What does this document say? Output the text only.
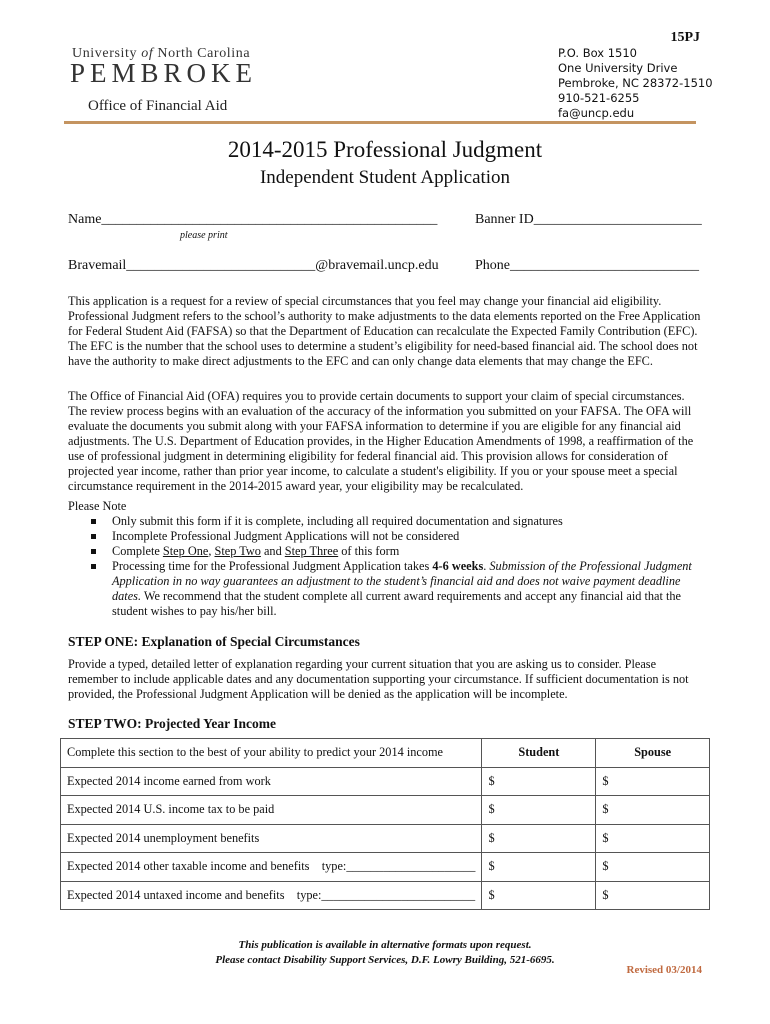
15PJ
University of North Carolina
PEMBROKE
Office of Financial Aid
P.O. Box 1510
One University Drive
Pembroke, NC 28372-1510
910-521-6255
fa@uncp.edu
2014-2015 Professional Judgment
Independent Student Application
Name________________________________________________	Banner ID________________________
please print
Bravemail___________________________@bravemail.uncp.edu	Phone___________________________
This application is a request for a review of special circumstances that you feel may change your financial aid eligibility. Professional Judgment refers to the school’s authority to make adjustments to the data elements reported on the Free Application for Federal Student Aid (FAFSA) so that the Department of Education can recalculate the Expected Family Contribution (EFC). The EFC is the number that the school uses to determine a student’s eligibility for need-based financial aid. The school does not have the authority to make direct adjustments to the EFC and can only change data elements that may change the EFC.
The Office of Financial Aid (OFA) requires you to provide certain documents to support your claim of special circumstances. The review process begins with an evaluation of the accuracy of the information you submitted on your FAFSA. The OFA will evaluate the documents you submit along with your FAFSA information to determine if you are eligible for any financial aid adjustments. The U.S. Department of Education provides, in the Higher Education Amendments of 1998, a reaffirmation of the use of professional judgment in determining eligibility for federal financial aid. This provision allows for consideration of projected year income, rather than prior year income, to calculate a student's eligibility. If you or your spouse meet a special circumstance requirement in the 2014-2015 award year, your eligibility may be recalculated.
Please Note
Only submit this form if it is complete, including all required documentation and signatures
Incomplete Professional Judgment Applications will not be considered
Complete Step One, Step Two and Step Three of this form
Processing time for the Professional Judgment Application takes 4-6 weeks. Submission of the Professional Judgment Application in no way guarantees an adjustment to the student’s financial aid and does not waive payment deadline dates. We recommend that the student complete all current award requirements and accept any financial aid that the student wishes to pay his/her bill.
STEP ONE: Explanation of Special Circumstances
Provide a typed, detailed letter of explanation regarding your current situation that you are asking us to consider. Please remember to include applicable dates and any documentation supporting your circumstance. If sufficient documentation is not provided, the Professional Judgment Application will be denied as the application will be incomplete.
STEP TWO: Projected Year Income
Complete this section to the best of your ability to predict your 2014 income	Student	Spouse
Expected 2014 income earned from work	$	$
Expected 2014 U.S. income tax to be paid	$	$
Expected 2014 unemployment benefits	$	$
Expected 2014 other taxable income and benefits    type:_____________________	$	$
Expected 2014 untaxed income and benefits    type:_________________________	$	$
This publication is available in alternative formats upon request.
Please contact Disability Support Services, D.F. Lowry Building, 521-6695.
Revised 03/2014
